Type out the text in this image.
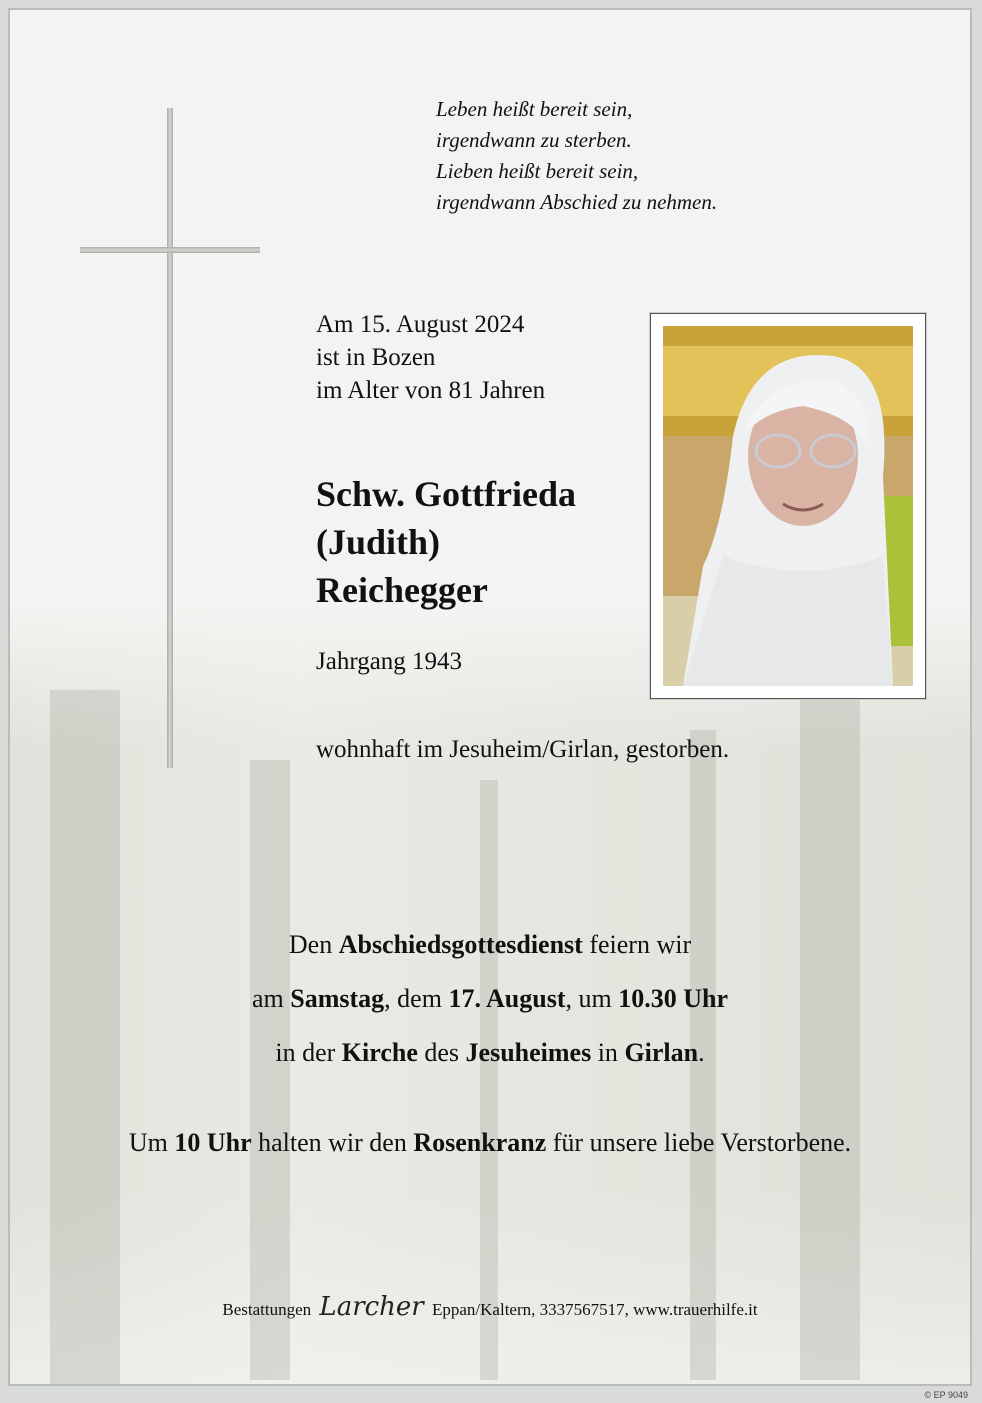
Leben heißt bereit sein,
irgendwann zu sterben.
Lieben heißt bereit sein,
irgendwann Abschied zu nehmen.
Am 15. August 2024
ist in Bozen
im Alter von 81 Jahren
Schw. Gottfrieda
(Judith)
Reichegger
Jahrgang 1943
wohnhaft im Jesuheim/Girlan, gestorben.
Den Abschiedsgottesdienst feiern wir
am Samstag, dem 17. August, um 10.30 Uhr
in der Kirche des Jesuheimes in Girlan.
Um 10 Uhr halten wir den Rosenkranz für unsere liebe Verstorbene.
Bestattungen Larcher Eppan/Kaltern, 3337567517, www.trauerhilfe.it
© EP 9049
